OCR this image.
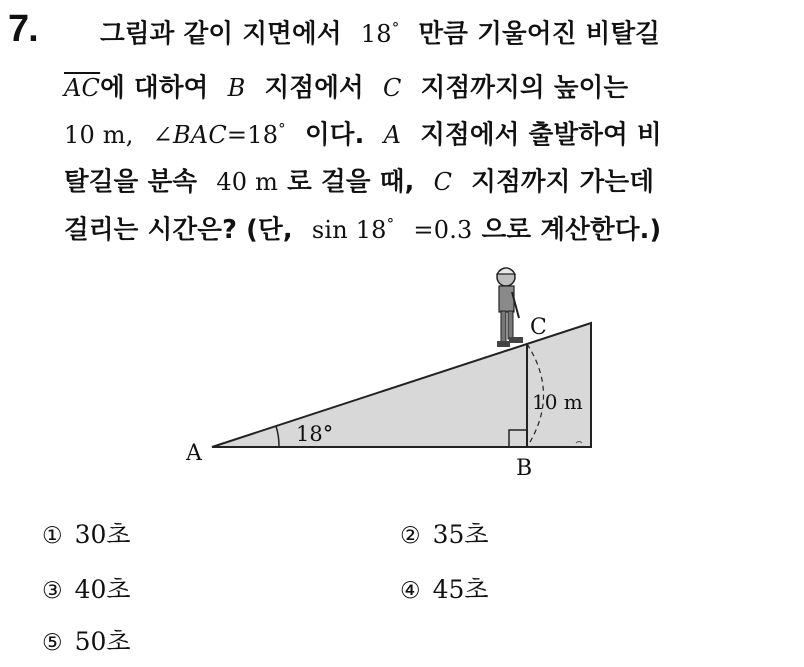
7. 그림과 같이 지면에서 18° 만큼 기울어진 비탈길
$\overline{AC}$에 대하여 B 지점에서 C 지점까지의 높이는
10 m, ∠BAC=18° 이다. A 지점에서 출발하여 비
탈길을 분속 40 m 로 걸을 때, C 지점까지 가는데
걸리는 시간은? (단, sin 18° =0.3 으로 계산한다.)
A
B
C
18°
10 m
① 30초	② 35초
③ 40초	④ 45초
⑤ 50초
